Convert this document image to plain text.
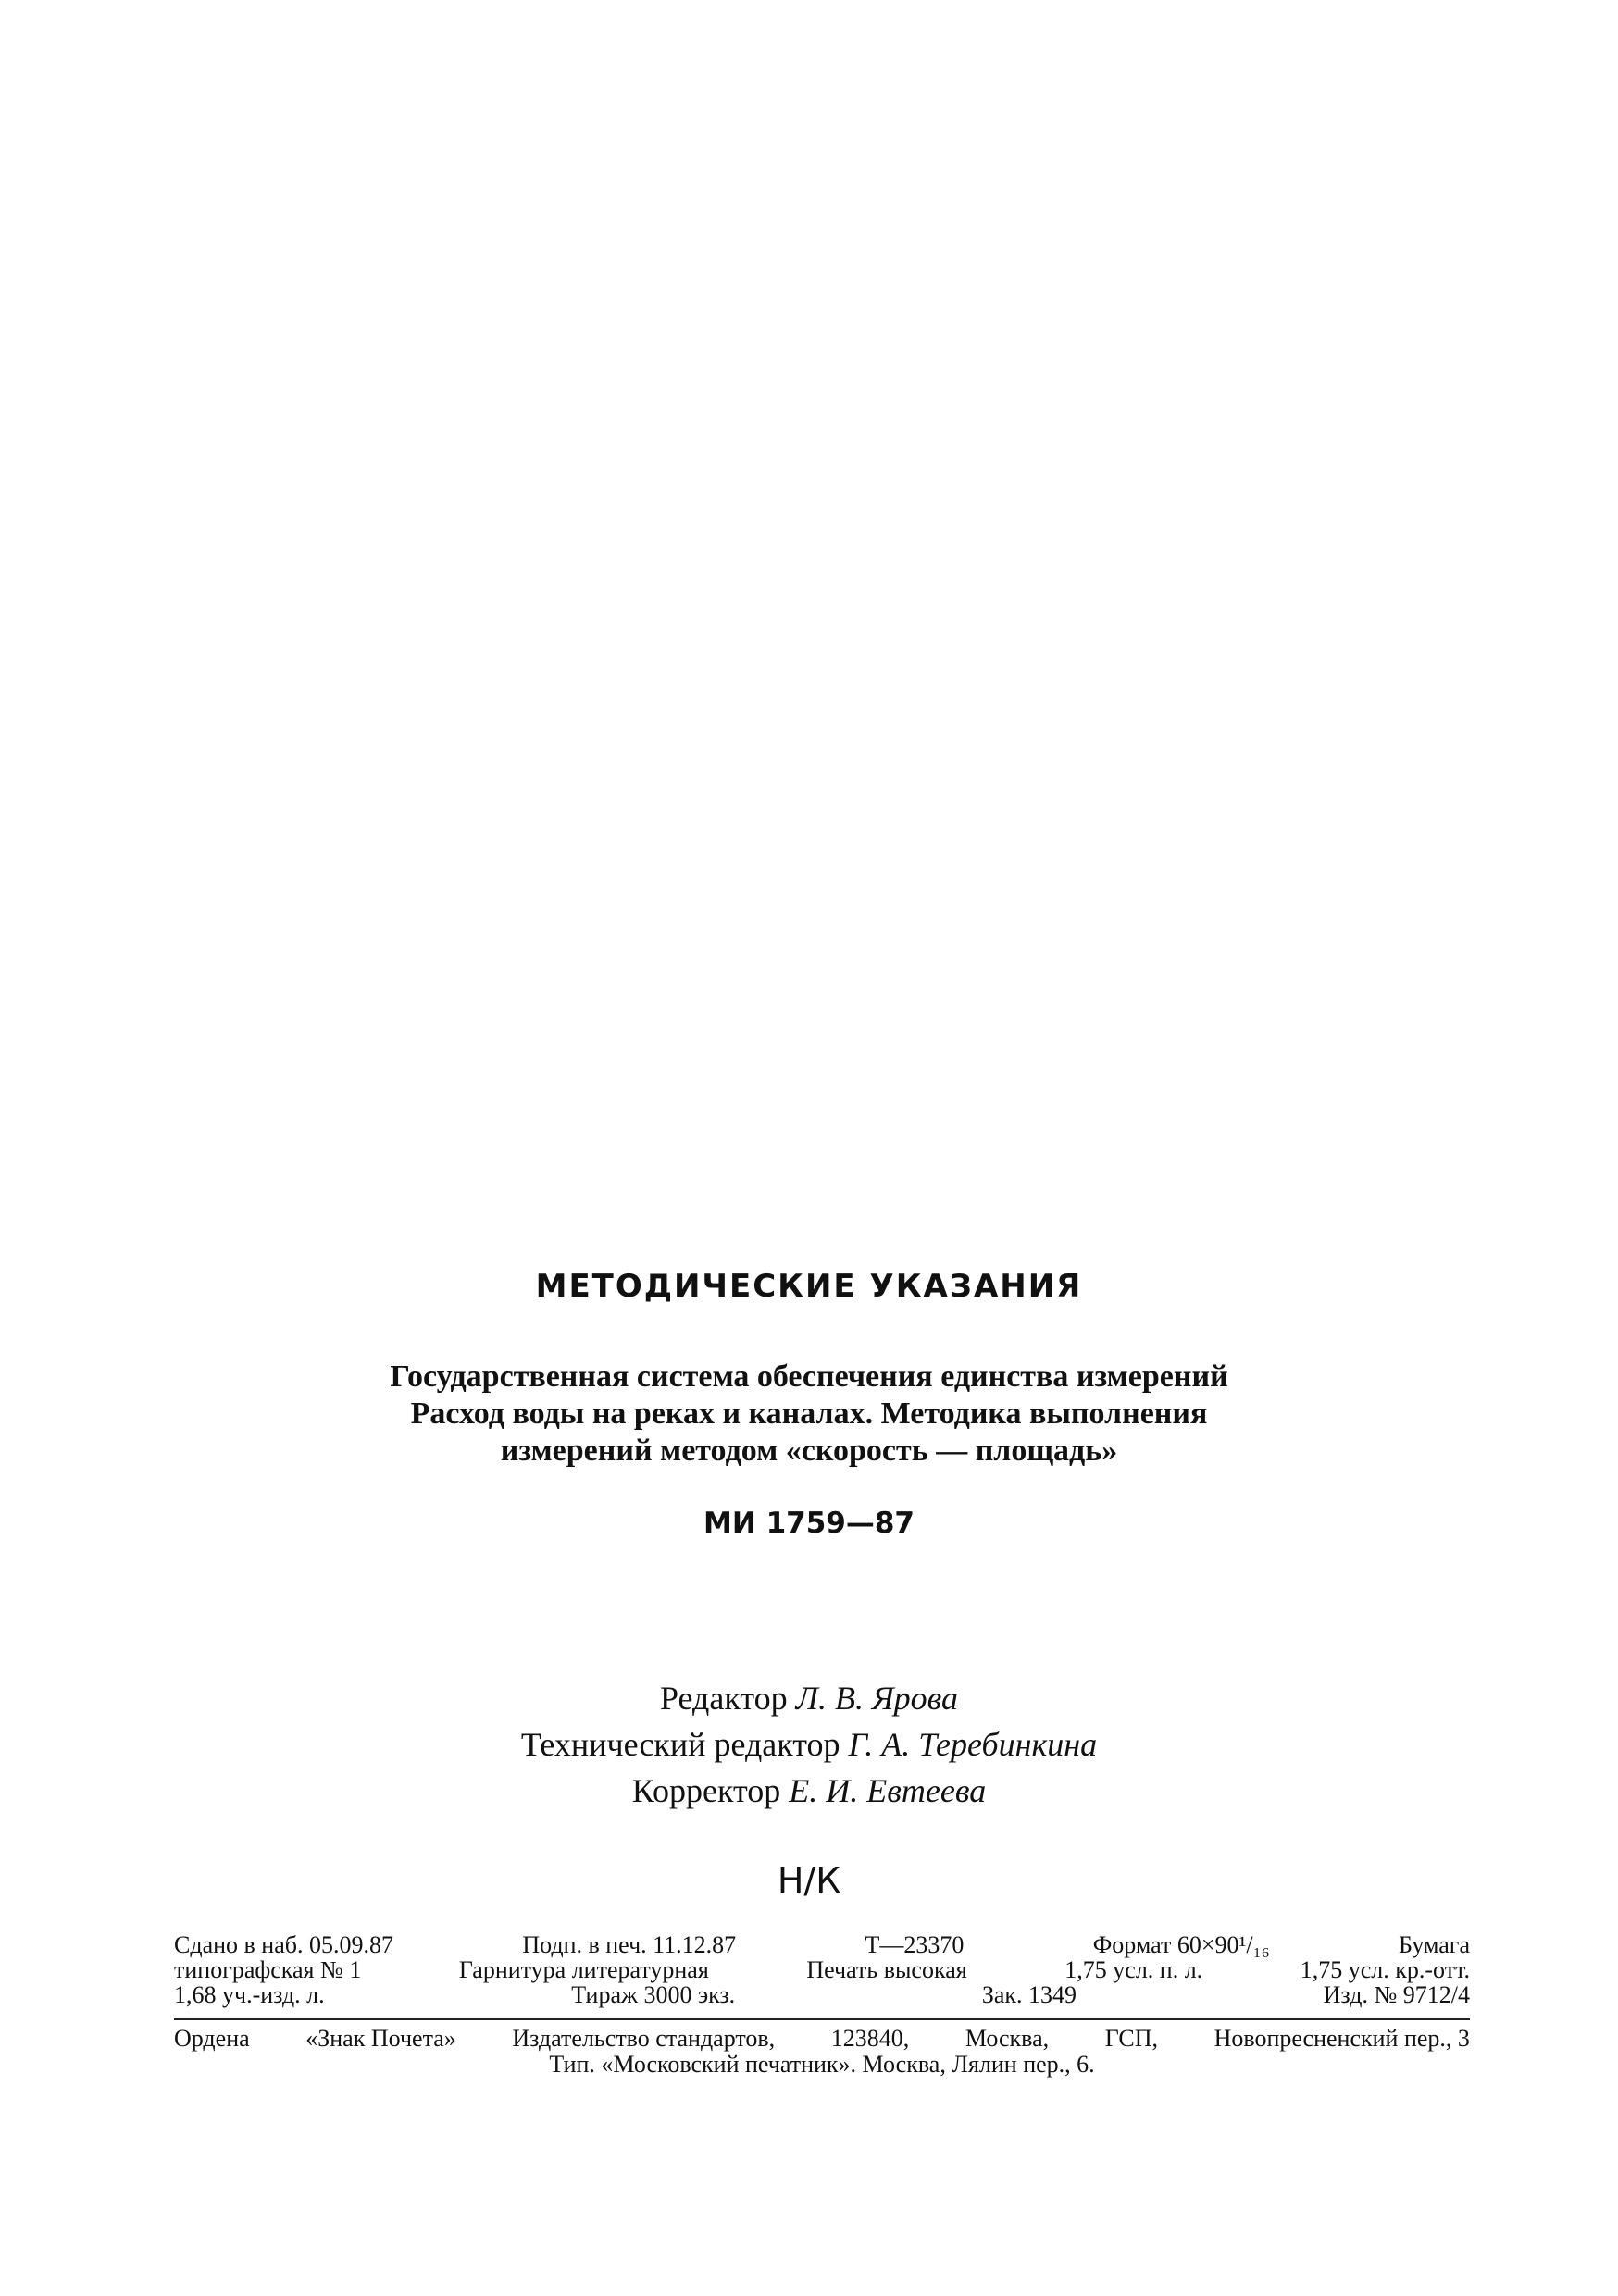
МЕТОДИЧЕСКИЕ УКАЗАНИЯ
Государственная система обеспечения единства измерений
Расход воды на реках и каналах. Методика выполнения
измерений методом «скорость — площадь»
МИ 1759—87
Редактор Л. В. Ярова
Технический редактор Г. А. Теребинкина
Корректор Е. И. Евтеева
Н/К
Сдано в наб. 05.09.87	Подп. в печ. 11.12.87	Т—23370	Формат 60×90¹/₁₆	Бумага
типографская № 1	Гарнитура литературная	Печать высокая	1,75 усл. п. л.	1,75 усл. кр.-отт.
1,68 уч.-изд. л.	Тираж 3000 экз.	Зак. 1349	Изд. № 9712/4
Ордена «Знак Почета» Издательство стандартов, 123840, Москва, ГСП, Новопресненский пер., 3
Тип. «Московский печатник». Москва, Лялин пер., 6.
